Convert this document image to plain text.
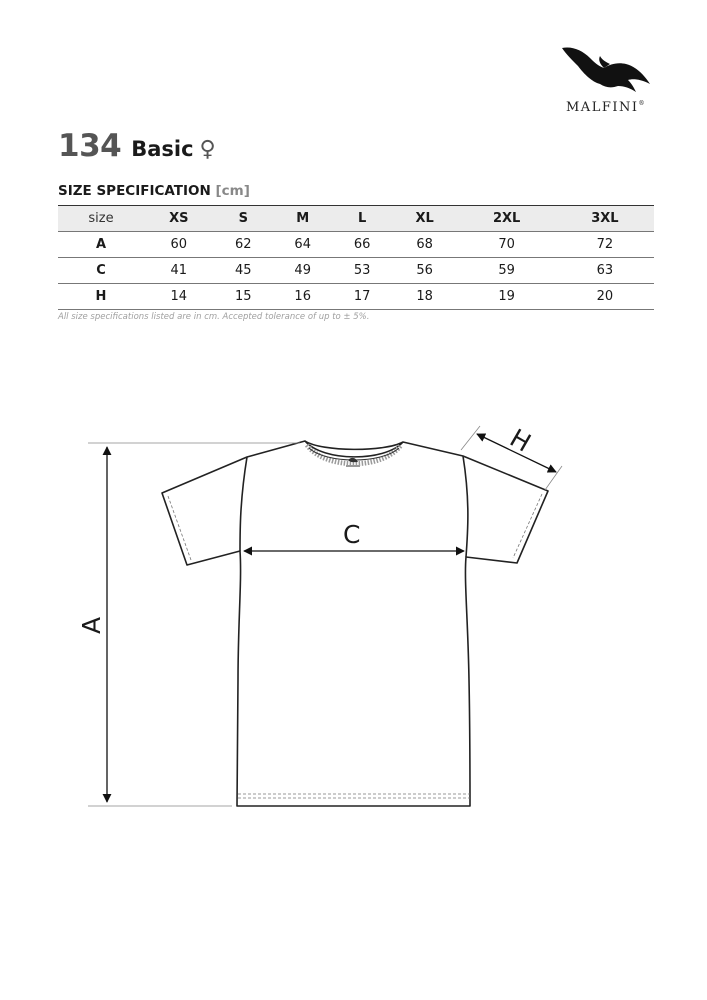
MALFINI®
134 Basic ♀
SIZE SPECIFICATION [cm]
size	XS	S	M	L	XL	2XL	3XL
A	60	62	64	66	68	70	72
C	41	45	49	53	56	59	63
H	14	15	16	17	18	19	20
All size specifications listed are in cm. Accepted tolerance of up to ± 5%.
C
A
H
